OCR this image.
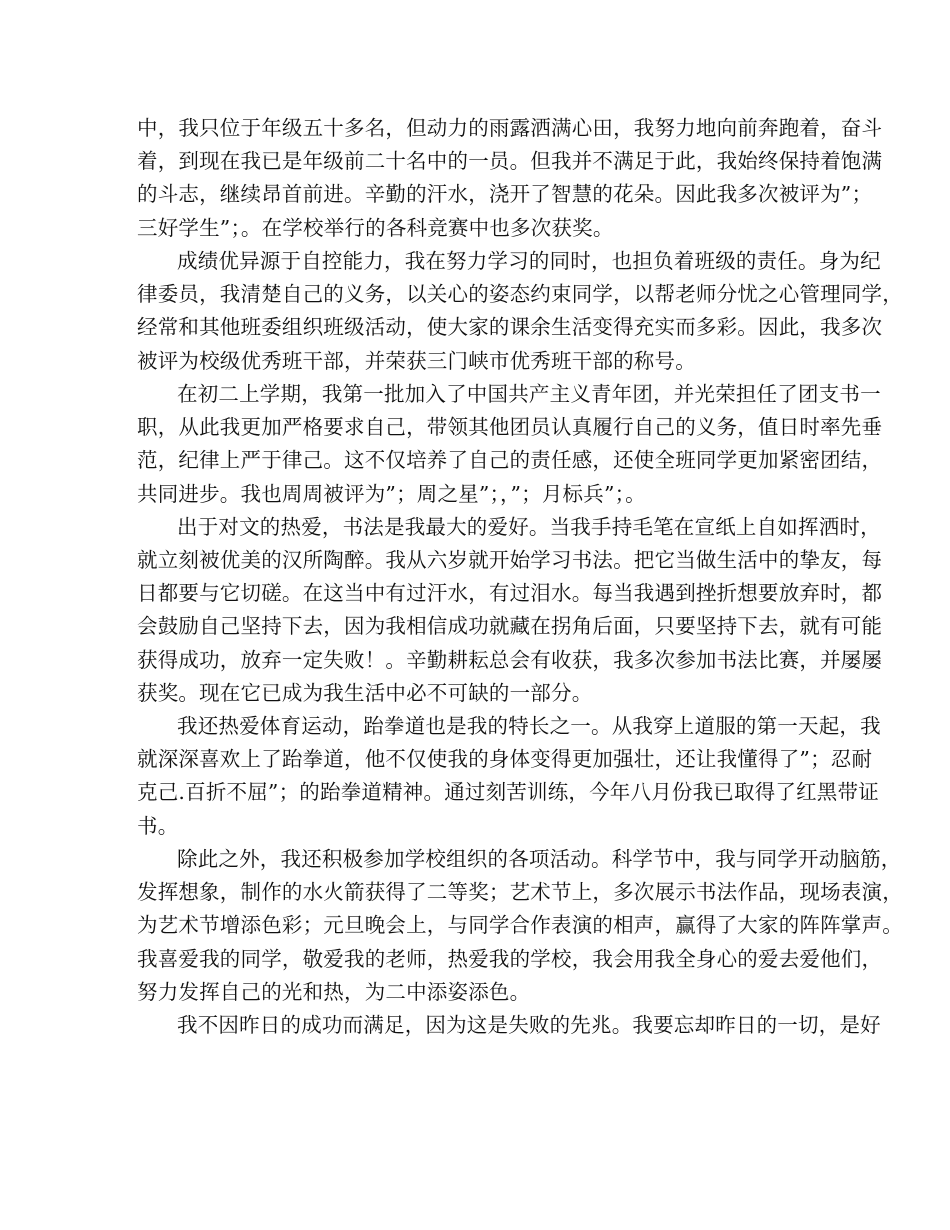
中，我只位于年级五十多名，但动力的雨露洒满心田，我努力地向前奔跑着，奋斗
着，到现在我已是年级前二十名中的一员。但我并不满足于此，我始终保持着饱满
的斗志，继续昂首前进。辛勤的汗水，浇开了智慧的花朵。因此我多次被评为”；
三好学生”；。在学校举行的各科竞赛中也多次获奖。
成绩优异源于自控能力，我在努力学习的同时，也担负着班级的责任。身为纪
律委员，我清楚自己的义务，以关心的姿态约束同学，以帮老师分忧之心管理同学，
经常和其他班委组织班级活动，使大家的课余生活变得充实而多彩。因此，我多次
被评为校级优秀班干部，并荣获三门峡市优秀班干部的称号。
在初二上学期，我第一批加入了中国共产主义青年团，并光荣担任了团支书一
职，从此我更加严格要求自己，带领其他团员认真履行自己的义务，值日时率先垂
范，纪律上严于律己。这不仅培养了自己的责任感，还使全班同学更加紧密团结，
共同进步。我也周周被评为”；周之星”；，”；月标兵”；。
出于对文的热爱，书法是我最大的爱好。当我手持毛笔在宣纸上自如挥洒时，
就立刻被优美的汉所陶醉。我从六岁就开始学习书法。把它当做生活中的挚友，每
日都要与它切磋。在这当中有过汗水，有过泪水。每当我遇到挫折想要放弃时，都
会鼓励自己坚持下去，因为我相信成功就藏在拐角后面，只要坚持下去，就有可能
获得成功，放弃一定失败！。辛勤耕耘总会有收获，我多次参加书法比赛，并屡屡
获奖。现在它已成为我生活中必不可缺的一部分。
我还热爱体育运动，跆拳道也是我的特长之一。从我穿上道服的第一天起，我
就深深喜欢上了跆拳道，他不仅使我的身体变得更加强壮，还让我懂得了”；忍耐
克己.百折不屈”；的跆拳道精神。通过刻苦训练，今年八月份我已取得了红黑带证
书。
除此之外，我还积极参加学校组织的各项活动。科学节中，我与同学开动脑筋，
发挥想象，制作的水火箭获得了二等奖；艺术节上，多次展示书法作品，现场表演，
为艺术节增添色彩；元旦晚会上，与同学合作表演的相声，赢得了大家的阵阵掌声。
我喜爱我的同学，敬爱我的老师，热爱我的学校，我会用我全身心的爱去爱他们，
努力发挥自己的光和热，为二中添姿添色。
我不因昨日的成功而满足，因为这是失败的先兆。我要忘却昨日的一切，是好
